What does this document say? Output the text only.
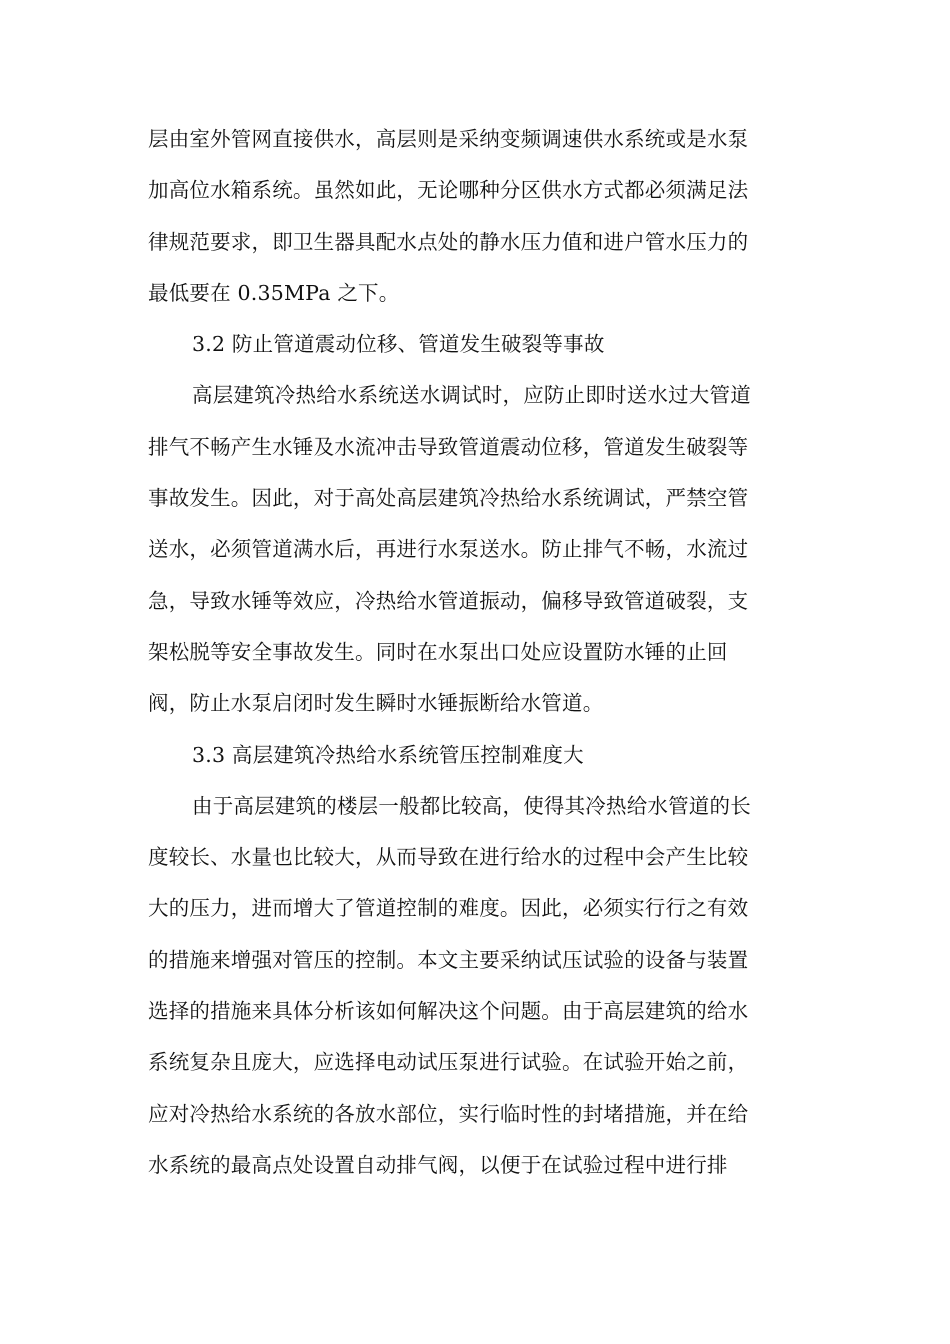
层由室外管网直接供水，高层则是采纳变频调速供水系统或是水泵
加高位水箱系统。虽然如此，无论哪种分区供水方式都必须满足法
律规范要求，即卫生器具配水点处的静水压力值和进户管水压力的
最低要在 0.35MPa 之下。

3.2 防止管道震动位移、管道发生破裂等事故

高层建筑冷热给水系统送水调试时，应防止即时送水过大管道
排气不畅产生水锤及水流冲击导致管道震动位移，管道发生破裂等
事故发生。因此，对于高处高层建筑冷热给水系统调试，严禁空管
送水，必须管道满水后，再进行水泵送水。防止排气不畅，水流过
急，导致水锤等效应，冷热给水管道振动，偏移导致管道破裂，支
架松脱等安全事故发生。同时在水泵出口处应设置防水锤的止回
阀，防止水泵启闭时发生瞬时水锤振断给水管道。

3.3 高层建筑冷热给水系统管压控制难度大

由于高层建筑的楼层一般都比较高，使得其冷热给水管道的长
度较长、水量也比较大，从而导致在进行给水的过程中会产生比较
大的压力，进而增大了管道控制的难度。因此，必须实行行之有效
的措施来增强对管压的控制。本文主要采纳试压试验的设备与装置
选择的措施来具体分析该如何解决这个问题。由于高层建筑的给水
系统复杂且庞大，应选择电动试压泵进行试验。在试验开始之前，
应对冷热给水系统的各放水部位，实行临时性的封堵措施，并在给
水系统的最高点处设置自动排气阀，以便于在试验过程中进行排
